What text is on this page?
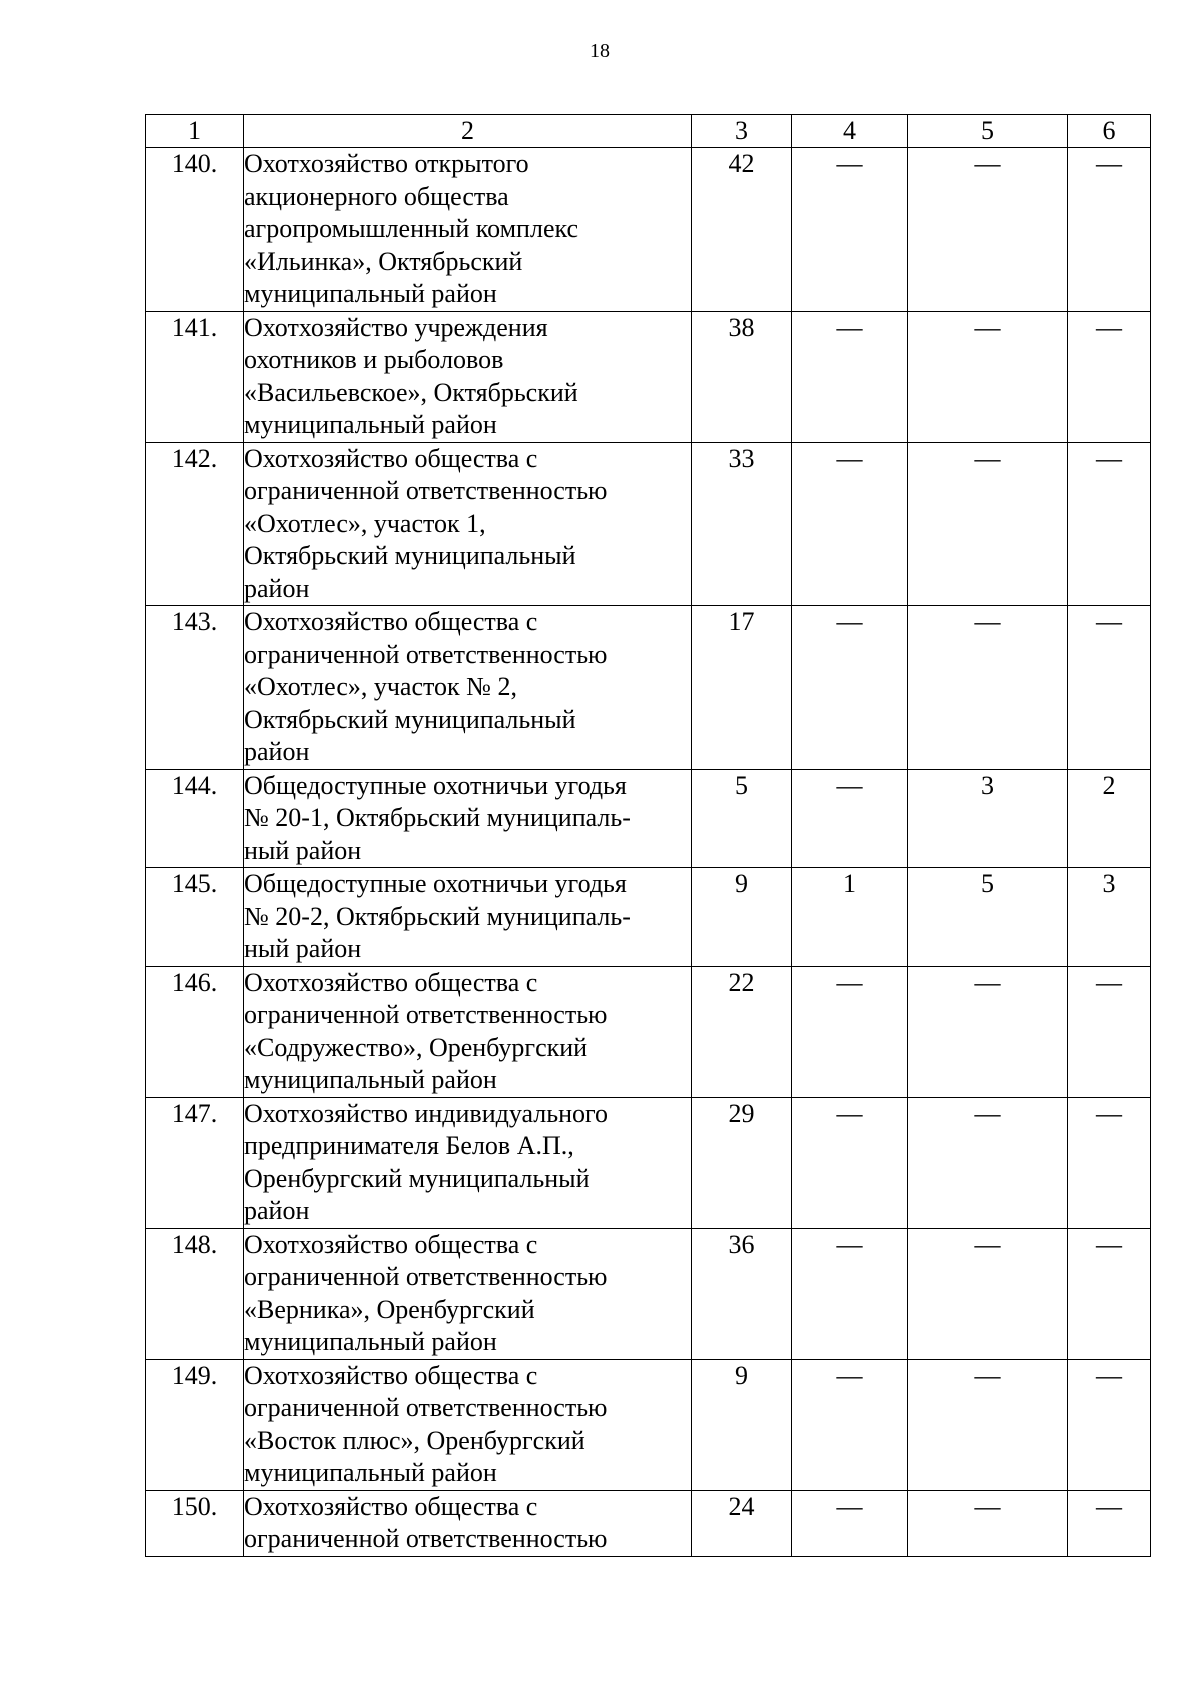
18
1	2	3	4	5	6
140.	Охотхозяйство открытого
акционерного общества
агропромышленный комплекс
«Ильинка», Октябрьский
муниципальный район	42	—	—	—
141.	Охотхозяйство учреждения
охотников и рыболовов
«Васильевское», Октябрьский
муниципальный район	38	—	—	—
142.	Охотхозяйство общества с
ограниченной ответственностью
«Охотлес», участок 1,
Октябрьский муниципальный
район	33	—	—	—
143.	Охотхозяйство общества с
ограниченной ответственностью
«Охотлес», участок № 2,
Октябрьский муниципальный
район	17	—	—	—
144.	Общедоступные охотничьи угодья
№ 20-1, Октябрьский муниципаль-
ный район	5	—	3	2
145.	Общедоступные охотничьи угодья
№ 20-2, Октябрьский муниципаль-
ный район	9	1	5	3
146.	Охотхозяйство общества с
ограниченной ответственностью
«Содружество», Оренбургский
муниципальный район	22	—	—	—
147.	Охотхозяйство индивидуального
предпринимателя Белов А.П.,
Оренбургский муниципальный
район	29	—	—	—
148.	Охотхозяйство общества с
ограниченной ответственностью
«Верника», Оренбургский
муниципальный район	36	—	—	—
149.	Охотхозяйство общества с
ограниченной ответственностью
«Восток плюс», Оренбургский
муниципальный район	9	—	—	—
150.	Охотхозяйство общества с
ограниченной ответственностью	24	—	—	—
